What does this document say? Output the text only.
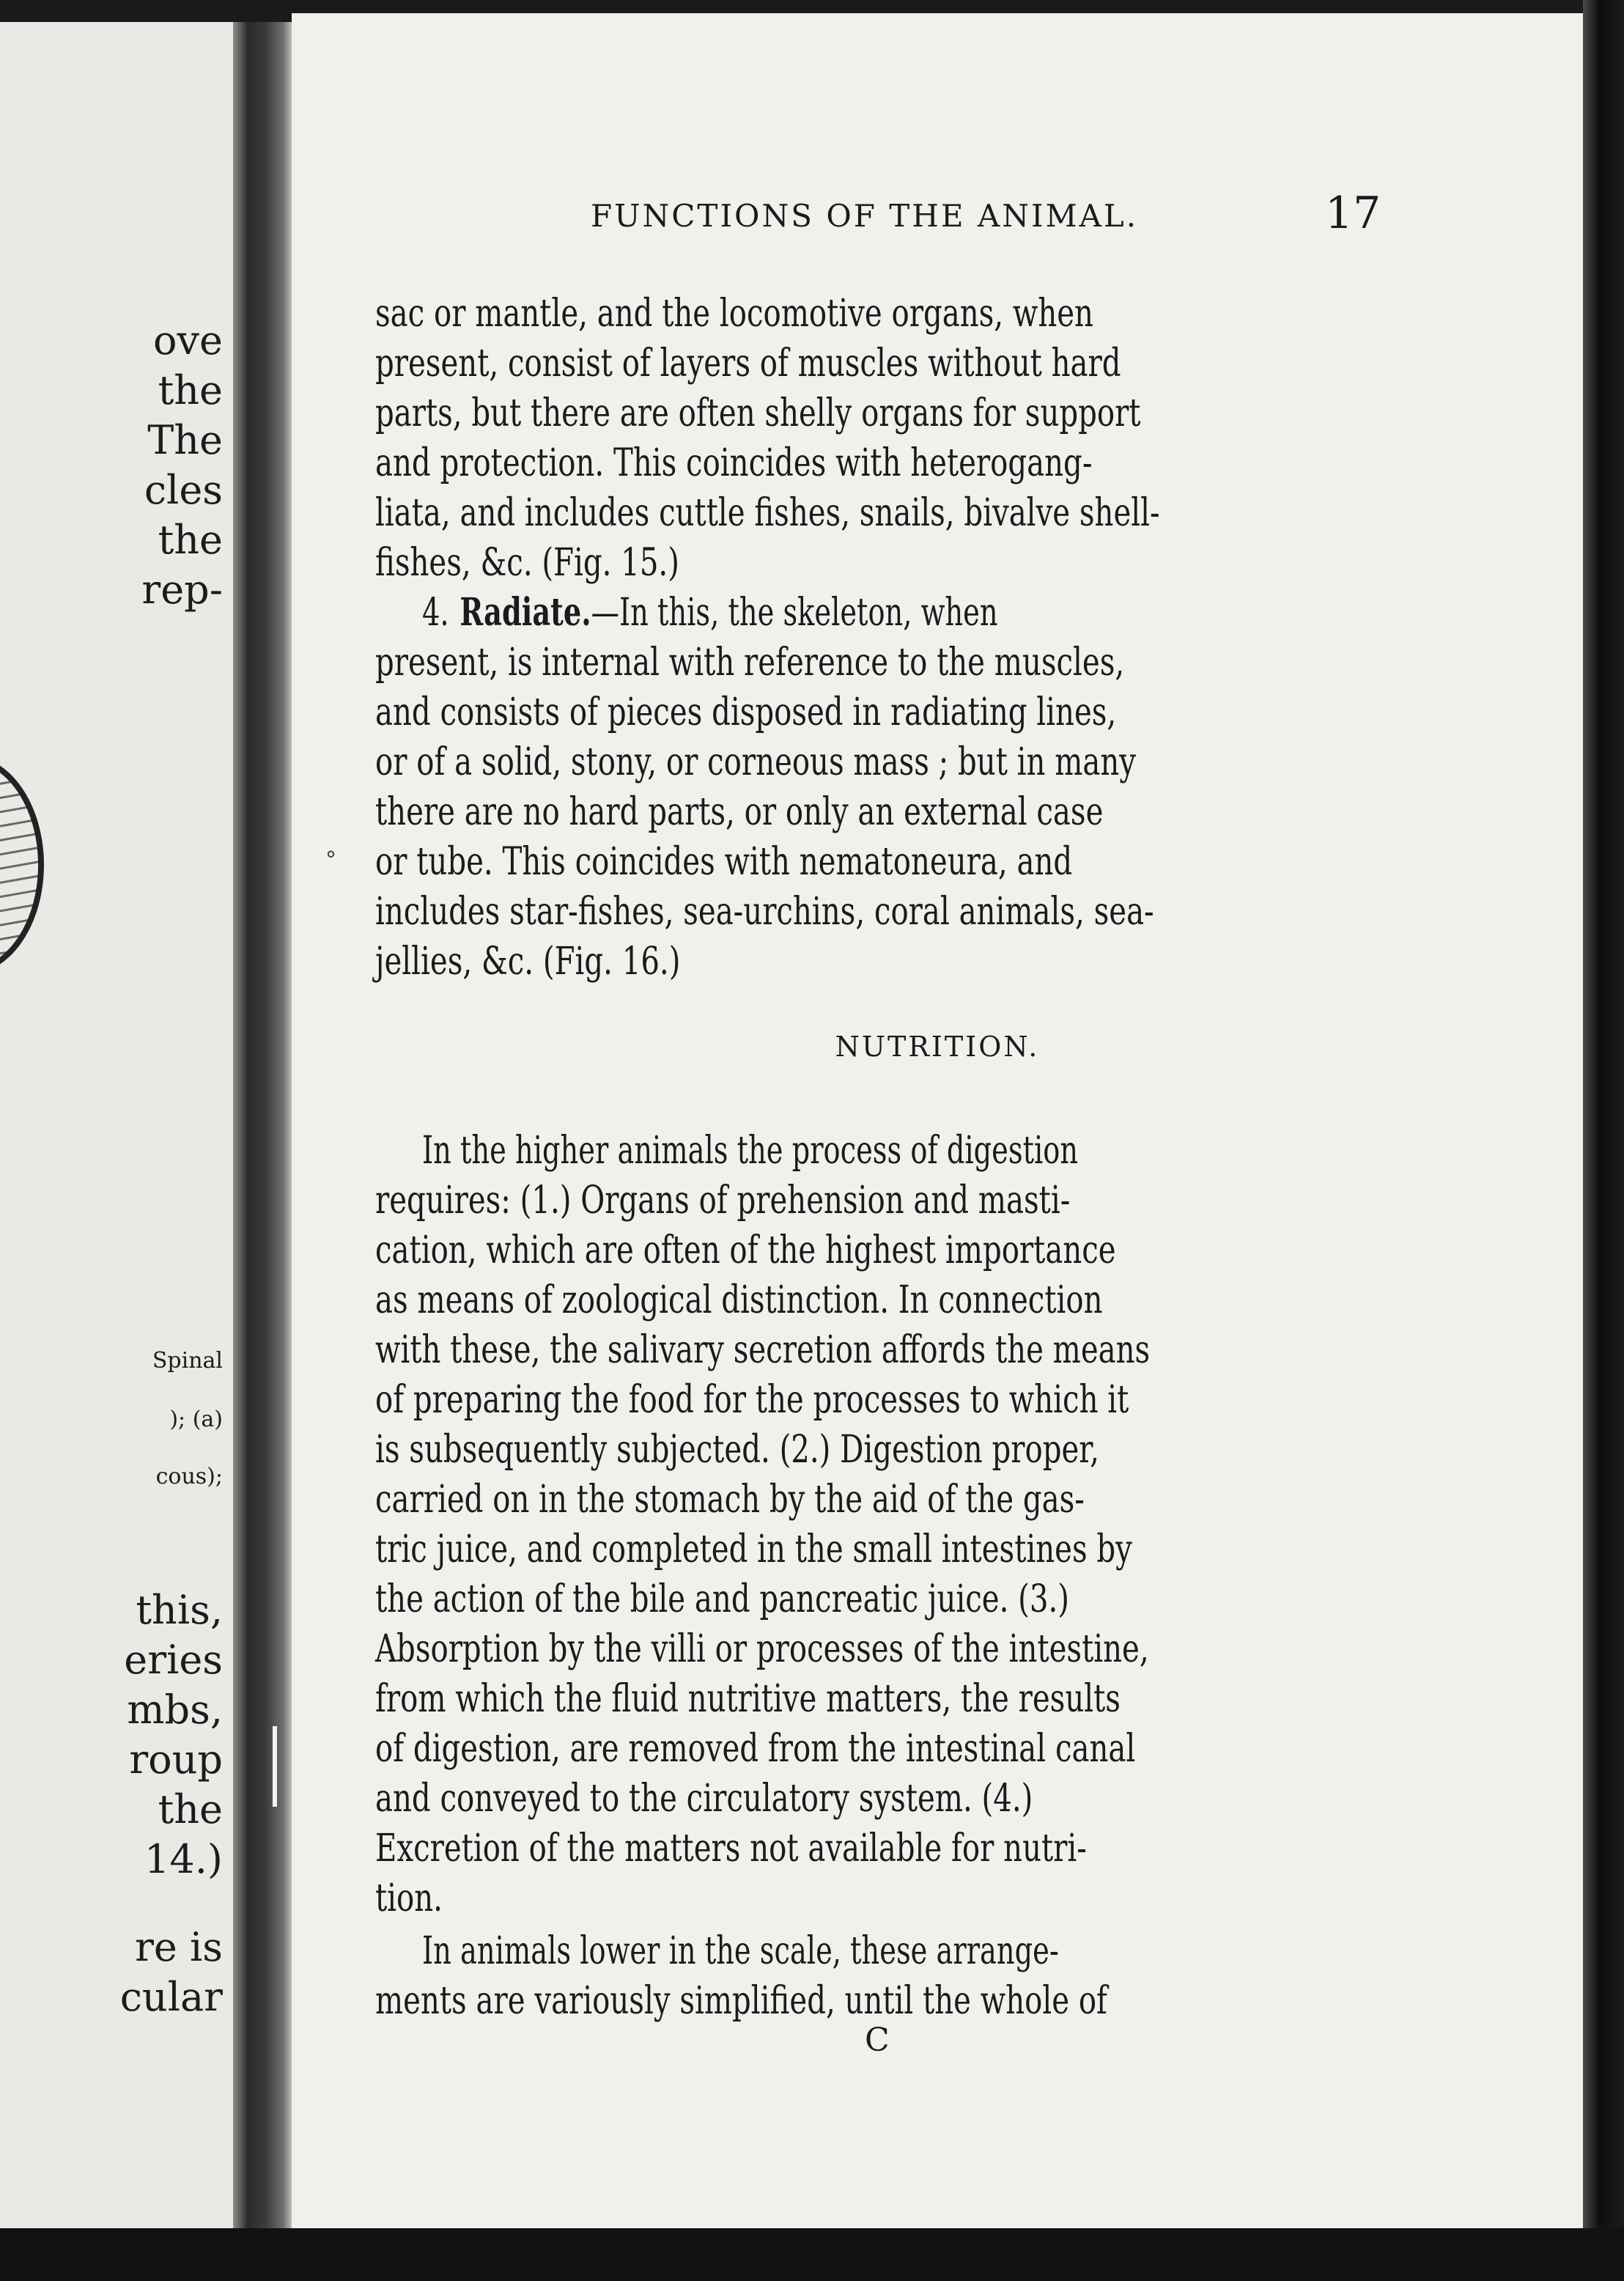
ove
the
The
cles
the
rep-
this,
eries
mbs,
roup
the
14.)
re is
cular
Spinal
); (a)
cous);
FUNCTIONS OF THE ANIMAL.	17
°
sac or mantle, and the locomotive organs, when
present, consist of layers of muscles without hard
parts, but there are often shelly organs for support
and protection. This coincides with heterogang-
liata, and includes cuttle fishes, snails, bivalve shell-
fishes, &c. (Fig. 15.)
4. Radiate.—In this, the skeleton, when
present, is internal with reference to the muscles,
and consists of pieces disposed in radiating lines,
or of a solid, stony, or corneous mass ; but in many
there are no hard parts, or only an external case
or tube. This coincides with nematoneura, and
includes star-fishes, sea-urchins, coral animals, sea-
jellies, &c. (Fig. 16.)
In the higher animals the process of digestion
requires: (1.) Organs of prehension and masti-
cation, which are often of the highest importance
as means of zoological distinction. In connection
with these, the salivary secretion affords the means
of preparing the food for the processes to which it
is subsequently subjected. (2.) Digestion proper,
carried on in the stomach by the aid of the gas-
tric juice, and completed in the small intestines by
the action of the bile and pancreatic juice. (3.)
Absorption by the villi or processes of the intestine,
from which the fluid nutritive matters, the results
of digestion, are removed from the intestinal canal
and conveyed to the circulatory system. (4.)
Excretion of the matters not available for nutri-
tion.
In animals lower in the scale, these arrange-
ments are variously simplified, until the whole of
NUTRITION.
C
